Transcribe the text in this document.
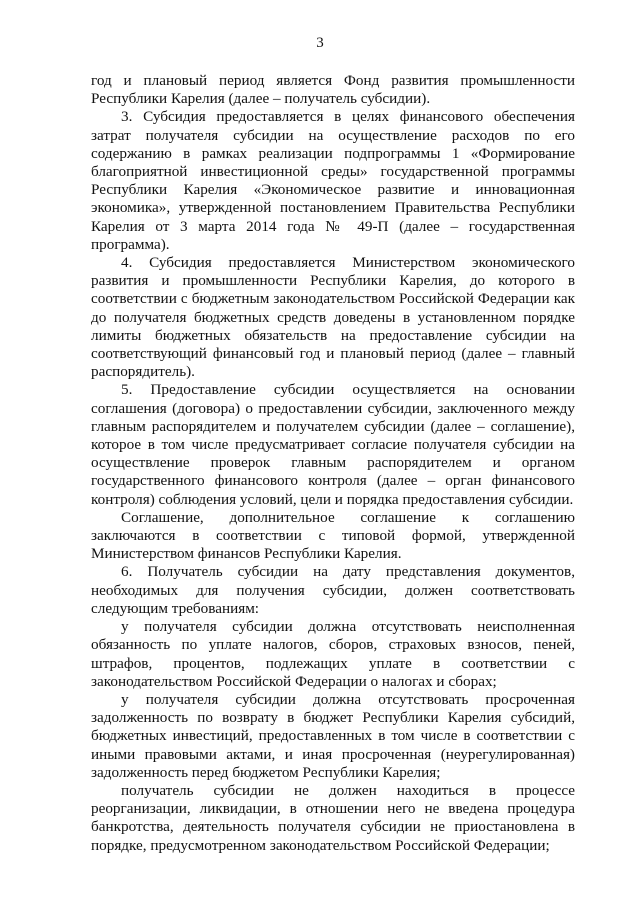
3

год и плановый период является Фонд развития промышленности Республики Карелия (далее – получатель субсидии).

3. Субсидия предоставляется в целях финансового обеспечения затрат получателя субсидии на осуществление расходов по его содержанию в рамках реализации подпрограммы 1 «Формирование благоприятной инвестиционной среды» государственной программы Республики Карелия «Экономическое развитие и инновационная экономика», утвержденной постановлением Правительства Республики Карелия от 3 марта 2014 года № 49-П (далее – государственная программа).

4. Субсидия предоставляется Министерством экономического развития и промышленности Республики Карелия, до которого в соответствии с бюджетным законодательством Российской Федерации как до получателя бюджетных средств доведены в установленном порядке лимиты бюджетных обязательств на предоставление субсидии на соответствующий финансовый год и плановый период (далее – главный распорядитель).

5. Предоставление субсидии осуществляется на основании соглашения (договора) о предоставлении субсидии, заключенного между главным распорядителем и получателем субсидии (далее – соглашение), которое в том числе предусматривает согласие получателя субсидии на осуществление проверок главным распорядителем и органом государственного финансового контроля (далее – орган финансового контроля) соблюдения условий, цели и порядка предоставления субсидии.

Соглашение, дополнительное соглашение к соглашению заключаются в соответствии с типовой формой, утвержденной Министерством финансов Республики Карелия.

6. Получатель субсидии на дату представления документов, необходимых для получения субсидии, должен соответствовать следующим требованиям:

у получателя субсидии должна отсутствовать неисполненная обязанность по уплате налогов, сборов, страховых взносов, пеней, штрафов, процентов, подлежащих уплате в соответствии с законодательством Российской Федерации о налогах и сборах;

у получателя субсидии должна отсутствовать просроченная задолженность по возврату в бюджет Республики Карелия субсидий, бюджетных инвестиций, предоставленных в том числе в соответствии с иными правовыми актами, и иная просроченная (неурегулированная) задолженность перед бюджетом Республики Карелия;

получатель субсидии не должен находиться в процессе реорганизации, ликвидации, в отношении него не введена процедура банкротства, деятельность получателя субсидии не приостановлена в порядке, предусмотренном законодательством Российской Федерации;
